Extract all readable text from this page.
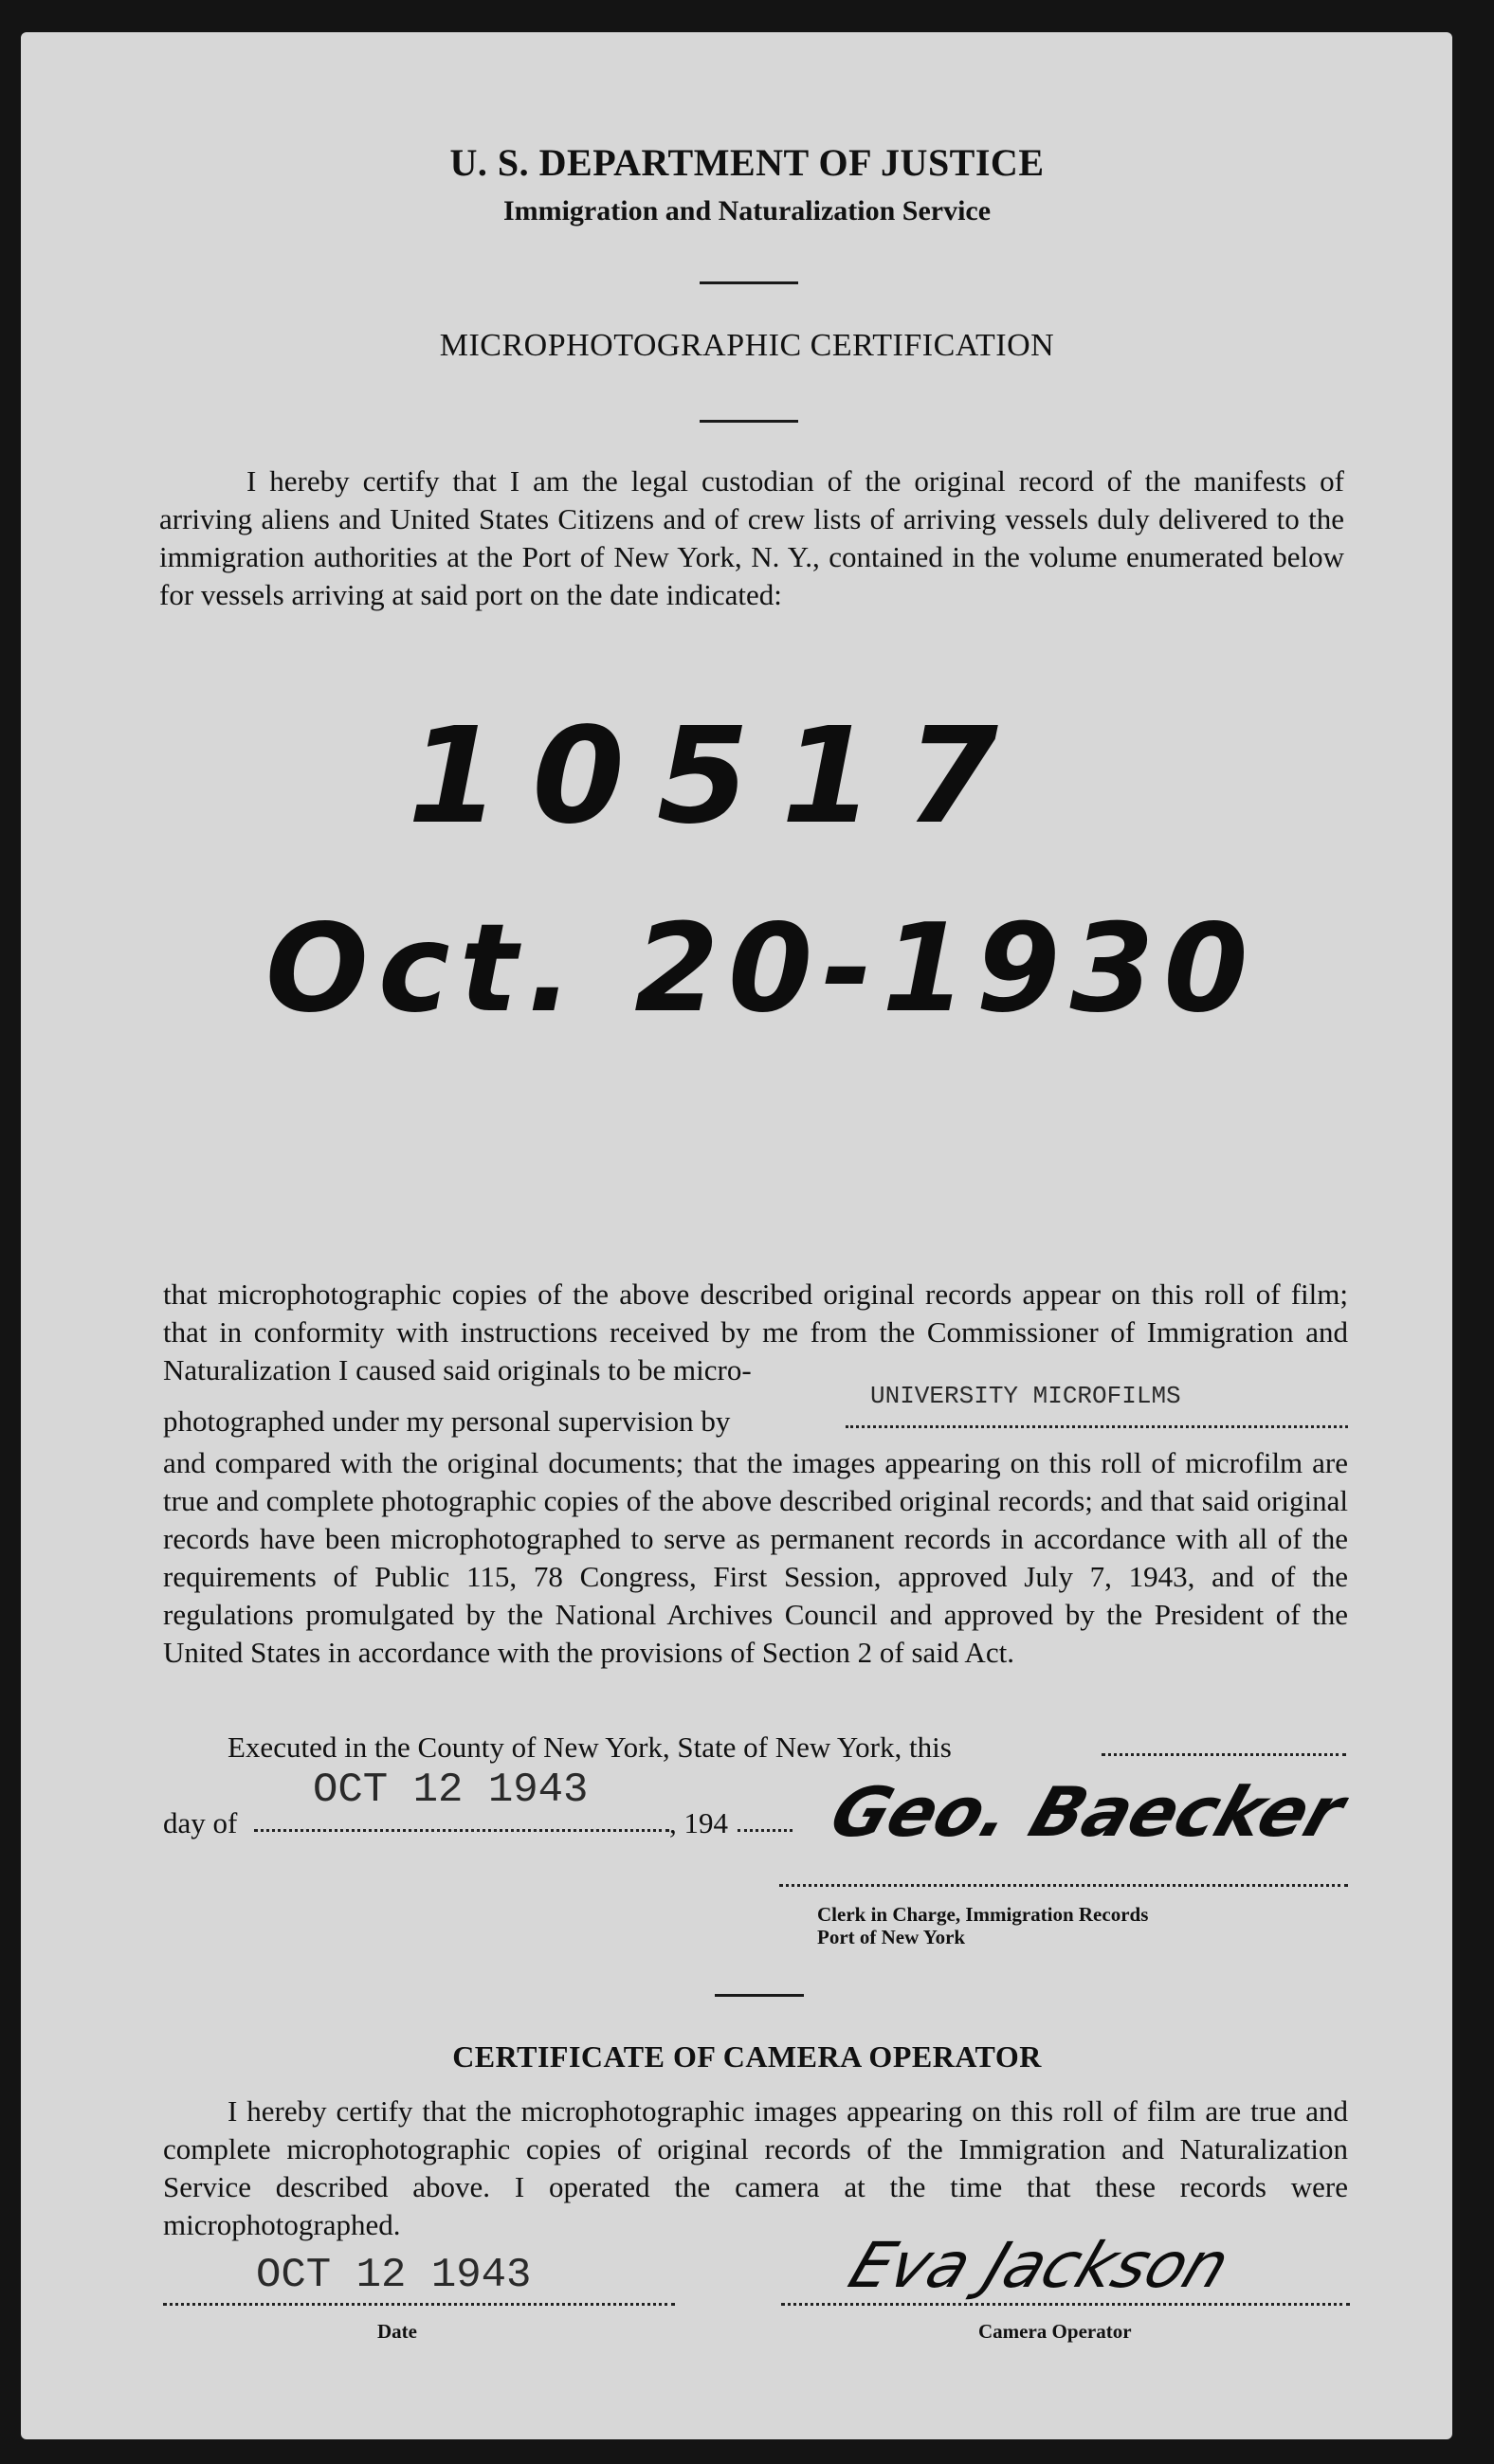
U. S. DEPARTMENT OF JUSTICE
Immigration and Naturalization Service
MICROPHOTOGRAPHIC CERTIFICATION
I hereby certify that I am the legal custodian of the original record of the manifests of arriving aliens and United States Citizens and of crew lists of arriving vessels duly delivered to the immigration authorities at the Port of New York, N. Y., contained in the volume enumerated below for vessels arriving at said port on the date indicated:
10517
Oct. 20-1930
that microphotographic copies of the above described original records appear on this roll of film; that in conformity with instructions received by me from the Commissioner of Immigration and Naturalization I caused said originals to be micro-
photographed under my personal supervision by
UNIVERSITY MICROFILMS
and compared with the original documents; that the images appearing on this roll of microfilm are true and complete photographic copies of the above described original records; and that said original records have been microphotographed to serve as permanent records in accordance with all of the requirements of Public 115, 78 Congress, First Session, approved July 7, 1943, and of the regulations promulgated by the National Archives Council and approved by the President of the United States in accordance with the provisions of Section 2 of said Act.
Executed in the County of New York, State of New York, this
day of
OCT 12 1943
, 194 Geo. Baecker
Clerk in Charge, Immigration Records
Port of New York
CERTIFICATE OF CAMERA OPERATOR
I hereby certify that the microphotographic images appearing on this roll of film are true and complete microphotographic copies of original records of the Immigration and Naturalization Service described above. I operated the camera at the time that these records were microphotographed.
OCT 12 1943
Date
Eva Jackson
Camera Operator
